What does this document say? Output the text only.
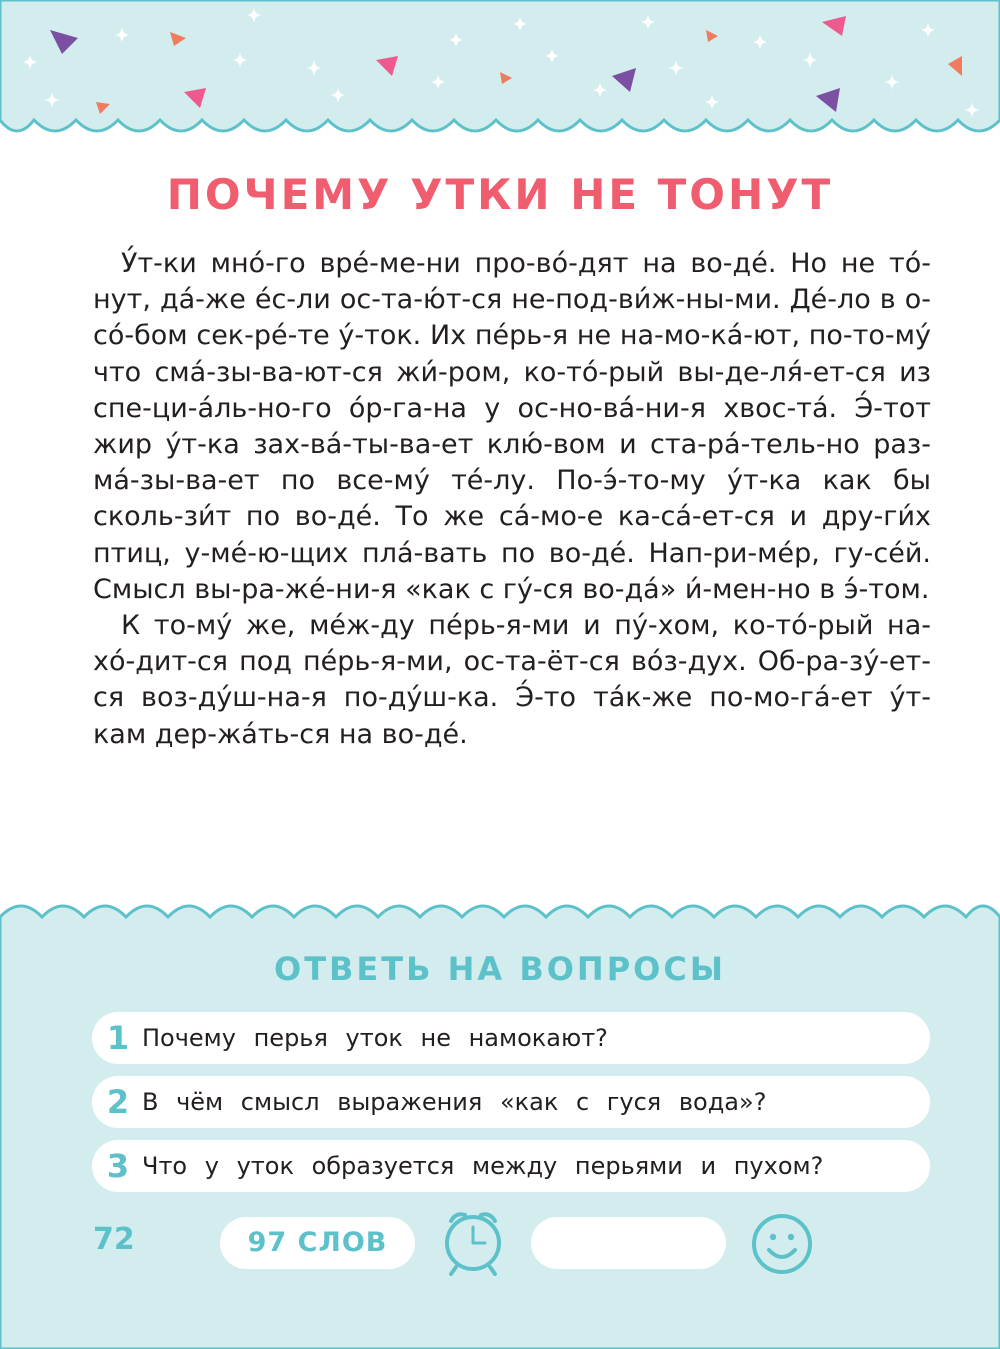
ПОЧЕМУ УТКИ НЕ ТОНУТ

У́т-ки мно́-го вре́-ме-ни про-во́-дят на во-де́. Но не то́-нут, да́-же е́с-ли ос-та-ю́т-ся не-под-ви́ж-ны-ми. Де́-ло в о-со́-бом сек-ре́-те у́-ток. Их пе́рь-я не на-мо-ка́-ют, по-то-му́ что сма́-зы-ва-ют-ся жи́-ром, ко-то́-рый вы-де-ля́-ет-ся из спе-ци-а́ль-но-го о́р-га-на у ос-но-ва́-ни-я хвос-та́. Э́-тот жир у́т-ка зах-ва́-ты-ва-ет клю́-вом и ста-ра́-тель-но раз-ма́-зы-ва-ет по все-му́ те́-лу. По-э́-то-му у́т-ка как бы сколь-зи́т по во-де́. То же са́-мо-е ка-са́-ет-ся и дру-ги́х птиц, у-ме́-ю-щих пла́-вать по во-де́. Нап-ри-ме́р, гу-се́й. Смысл вы-ра-же́-ни-я «как с гу́-ся во-да́» и́-мен-но в э́-том.

К то-му́ же, ме́ж-ду пе́рь-я-ми и пу́-хом, ко-то́-рый на-хо́-дит-ся под пе́рь-я-ми, ос-та-ёт-ся во́з-дух. Об-ра-зу́-ет-ся воз-ду́ш-на-я по-ду́ш-ка. Э́-то та́к-же по-мо-га́-ет у́т-кам дер-жа́ть-ся на во-де́.

ОТВЕТЬ НА ВОПРОСЫ
1 Почему перья уток не намокают?
2 В чём смысл выражения «как с гуся вода»?
3 Что у уток образуется между перьями и пухом?
72	97 СЛОВ
